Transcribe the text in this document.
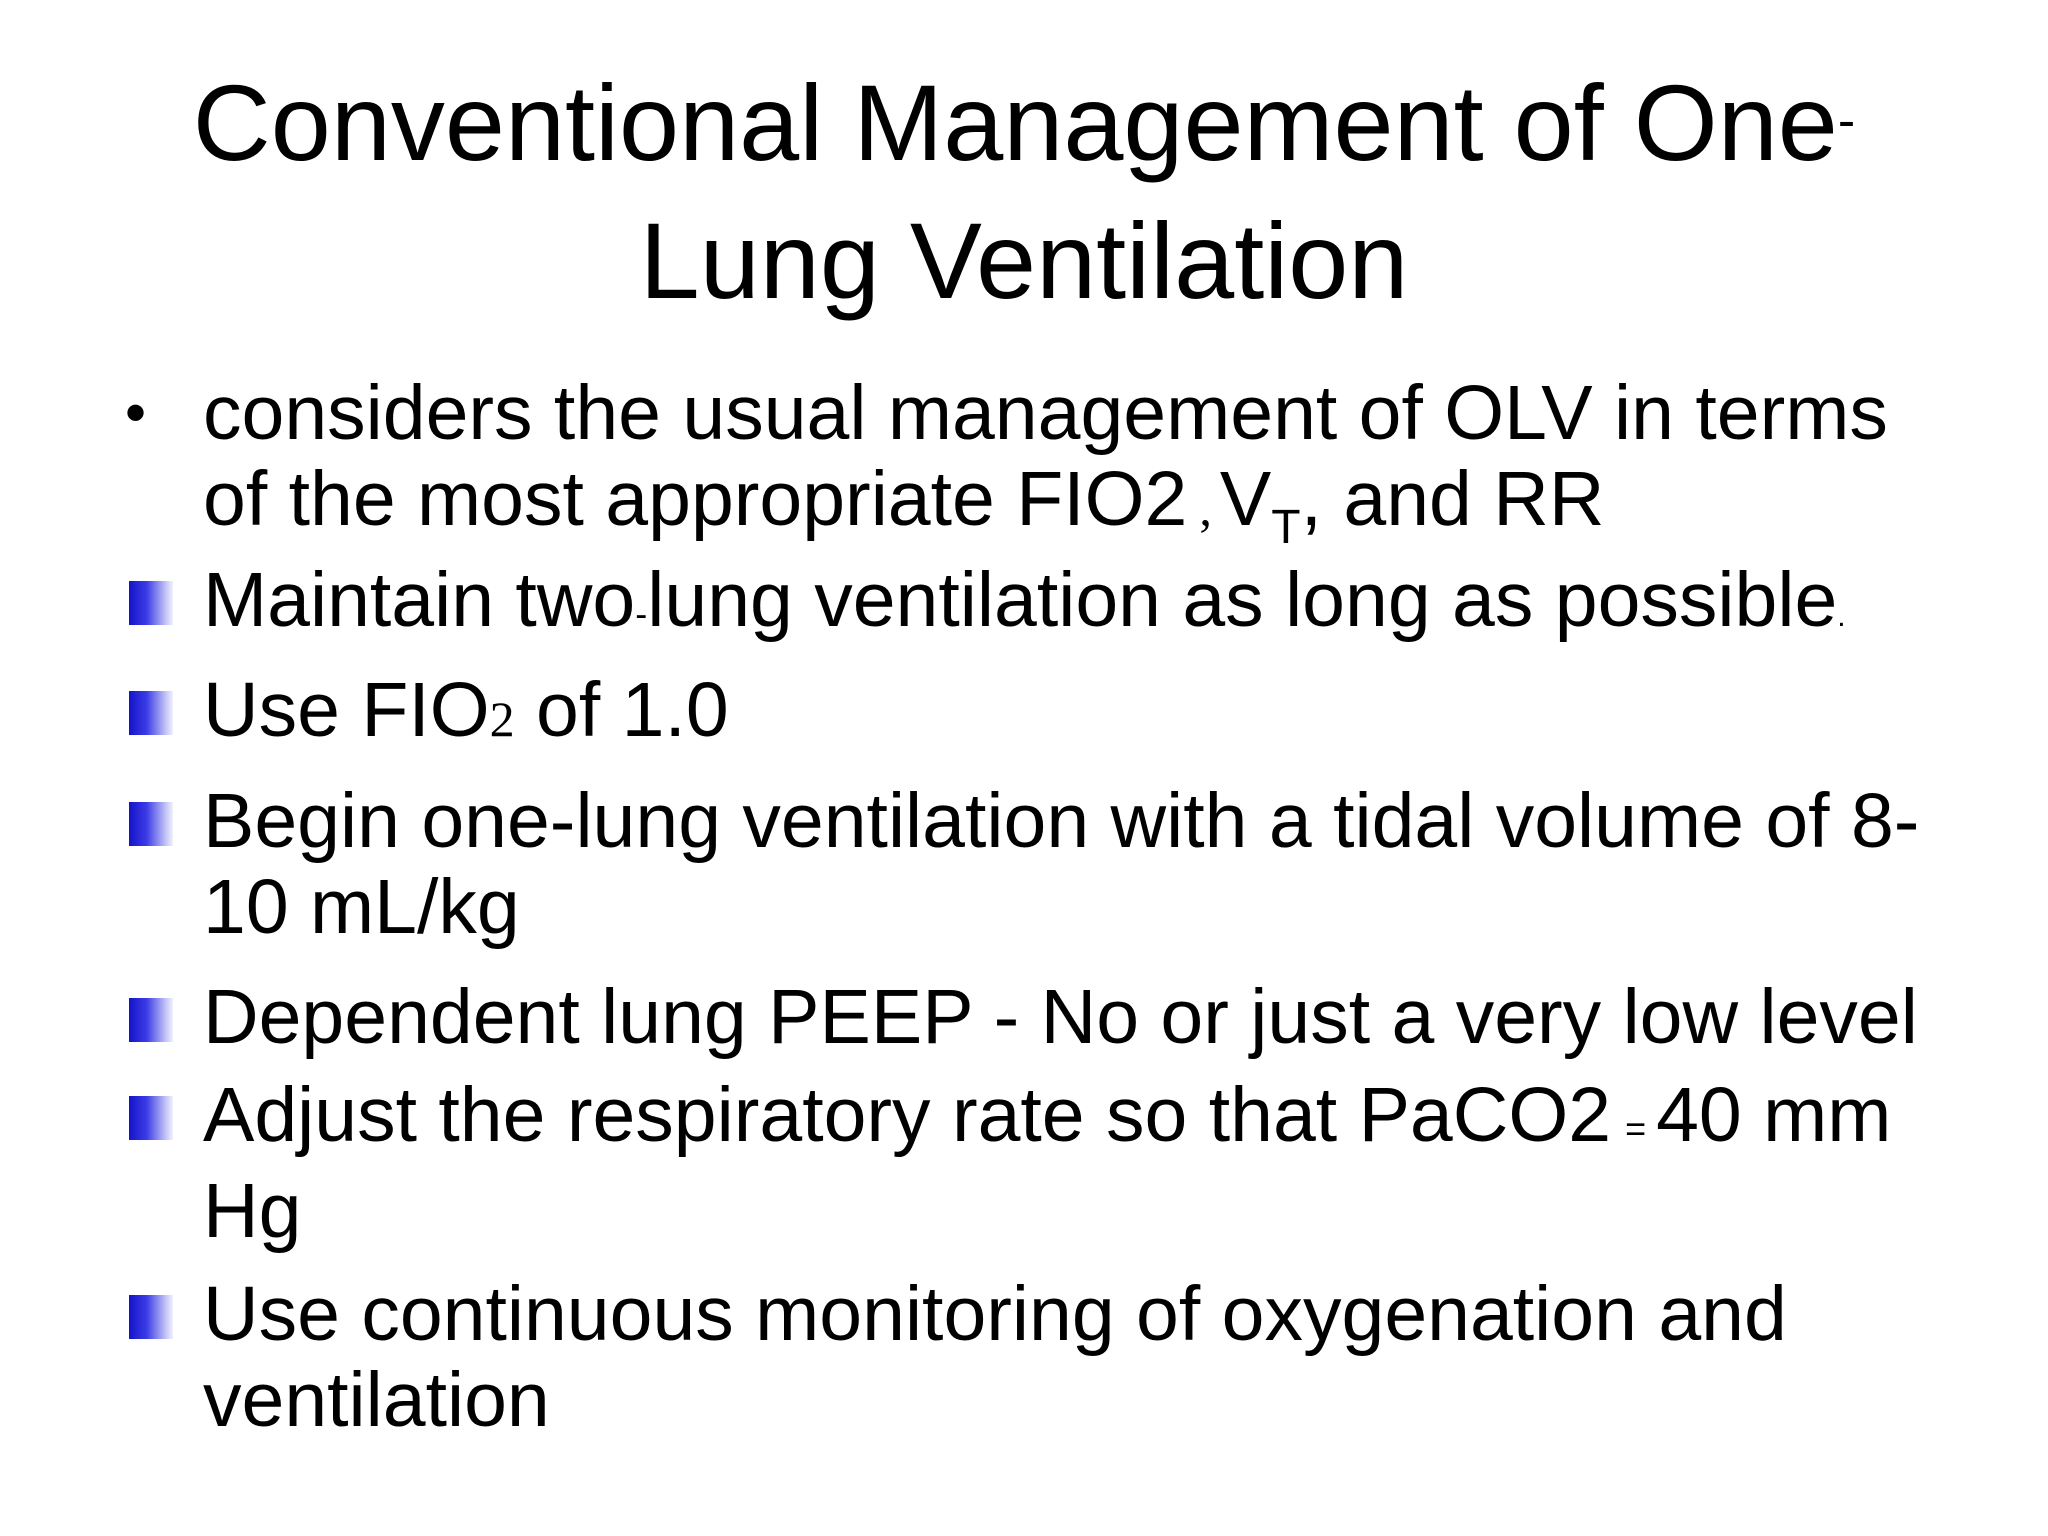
Conventional Management of One-
Lung Ventilation
• considers the usual management of OLV in terms
of the most appropriate FIO2 , $V_T$, and RR
Maintain two-lung ventilation as long as possible.
Use FIO2 of 1.0
Begin one-lung ventilation with a tidal volume of 8-
10 mL/kg
Dependent lung PEEP - No or just a very low level
Adjust the respiratory rate so that PaCO2 = 40 mm
Hg
Use continuous monitoring of oxygenation and
ventilation
